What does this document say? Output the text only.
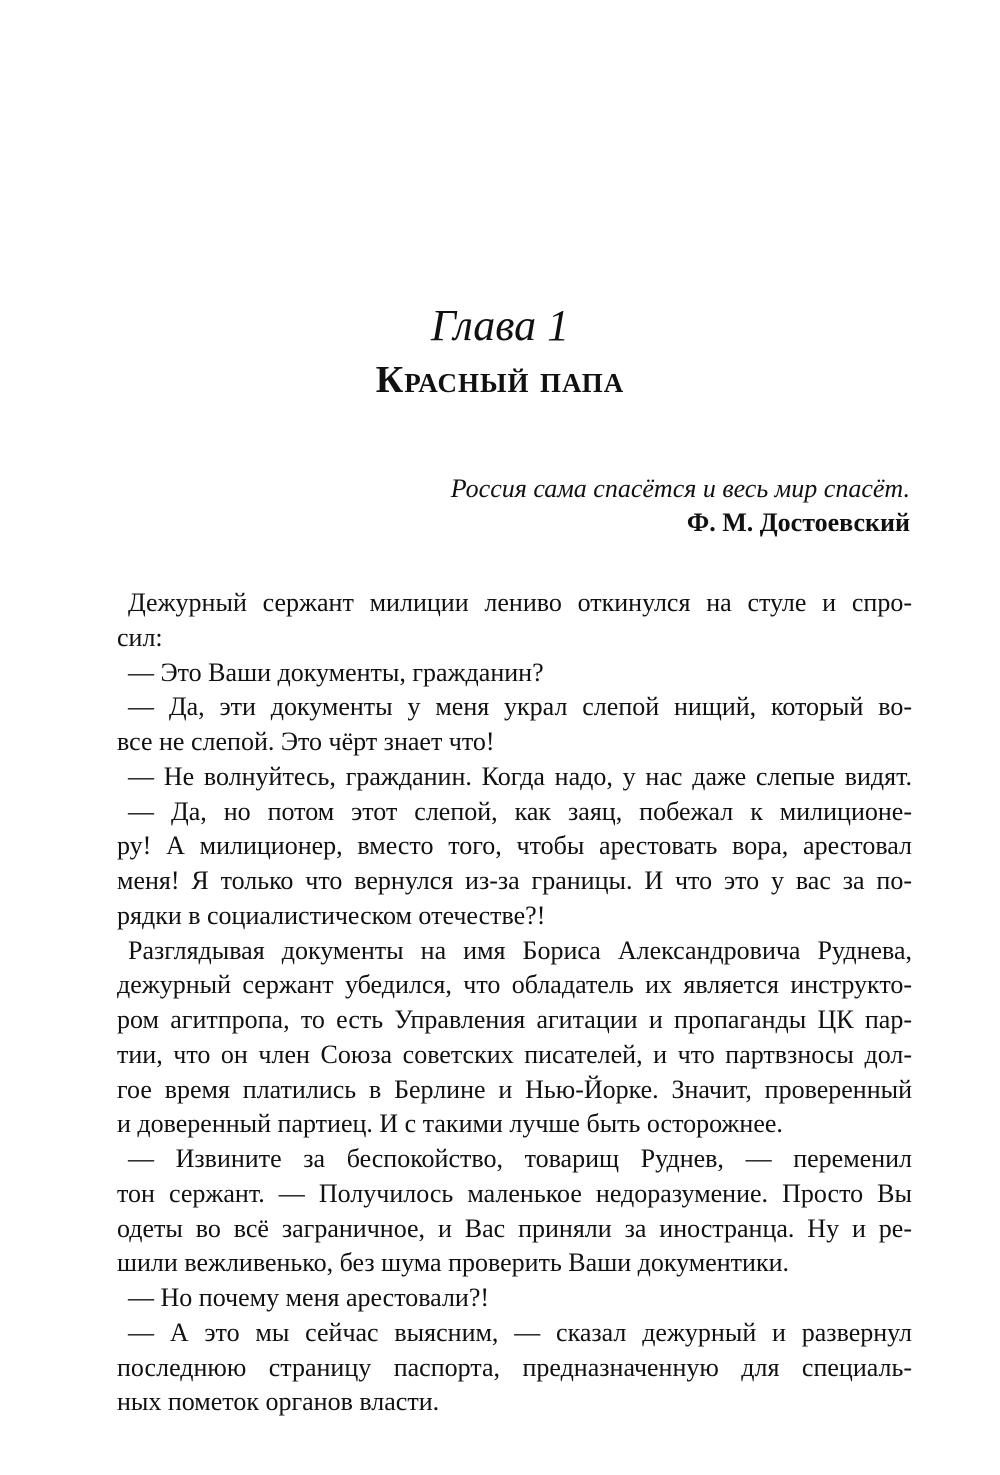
Глава 1
Красный папа
Россия сама спасётся и весь мир спасёт.
Ф. М. Достоевский
Дежурный сержант милиции лениво откинулся на стуле и спро-
сил:
— Это Ваши документы, гражданин?
— Да, эти документы у меня украл слепой нищий, который во-
все не слепой. Это чёрт знает что!
— Не волнуйтесь, гражданин. Когда надо, у нас даже слепые видят.
— Да, но потом этот слепой, как заяц, побежал к милиционе-
ру! А милиционер, вместо того, чтобы арестовать вора, арестовал
меня! Я только что вернулся из-за границы. И что это у вас за по-
рядки в социалистическом отечестве?!
Разглядывая документы на имя Бориса Александровича Руднева,
дежурный сержант убедился, что обладатель их является инструкто-
ром агитпропа, то есть Управления агитации и пропаганды ЦК пар-
тии, что он член Союза советских писателей, и что партвзносы дол-
гое время платились в Берлине и Нью-Йорке. Значит, проверенный
и доверенный партиец. И с такими лучше быть осторожнее.
— Извините за беспокойство, товарищ Руднев, — переменил
тон сержант. — Получилось маленькое недоразумение. Просто Вы
одеты во всё заграничное, и Вас приняли за иностранца. Ну и ре-
шили вежливенько, без шума проверить Ваши документики.
— Но почему меня арестовали?!
— А это мы сейчас выясним, — сказал дежурный и развернул
последнюю страницу паспорта, предназначенную для специаль-
ных пометок органов власти.
